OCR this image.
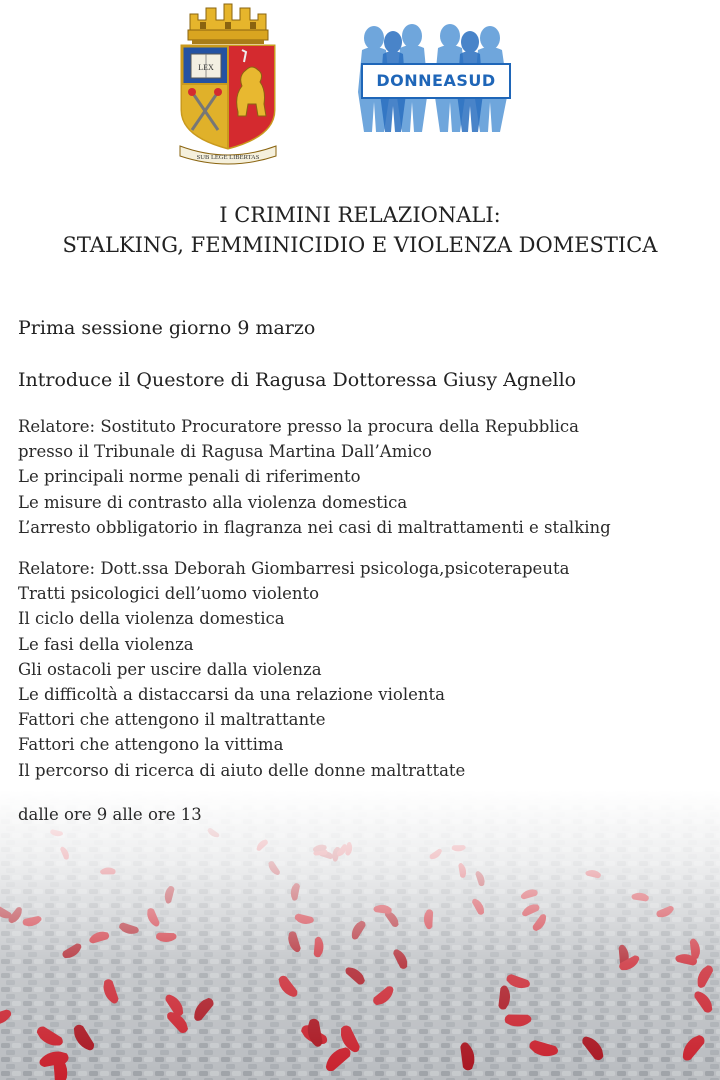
LEX
SUB LEGE LIBERTAS
DONNEASUD
I CRIMINI RELAZIONALI:
STALKING, FEMMINICIDIO E VIOLENZA DOMESTICA
Prima sessione giorno 9 marzo
Introduce il Questore di Ragusa Dottoressa Giusy Agnello
Relatore: Sostituto Procuratore presso la procura della Repubblica
presso il Tribunale di Ragusa Martina Dall’Amico
Le principali norme penali di riferimento
Le misure di contrasto alla violenza domestica
L’arresto obbligatorio in flagranza nei casi di maltrattamenti e stalking
Relatore: Dott.ssa Deborah Giombarresi psicologa,psicoterapeuta
Tratti psicologici dell’uomo violento
Il ciclo della violenza domestica
Le fasi della violenza
Gli ostacoli per uscire dalla violenza
Le difficoltà a distaccarsi da una relazione violenta
Fattori che attengono il maltrattante
Fattori che attengono la vittima
Il percorso di ricerca di aiuto delle donne maltrattate
dalle ore 9 alle ore 13
